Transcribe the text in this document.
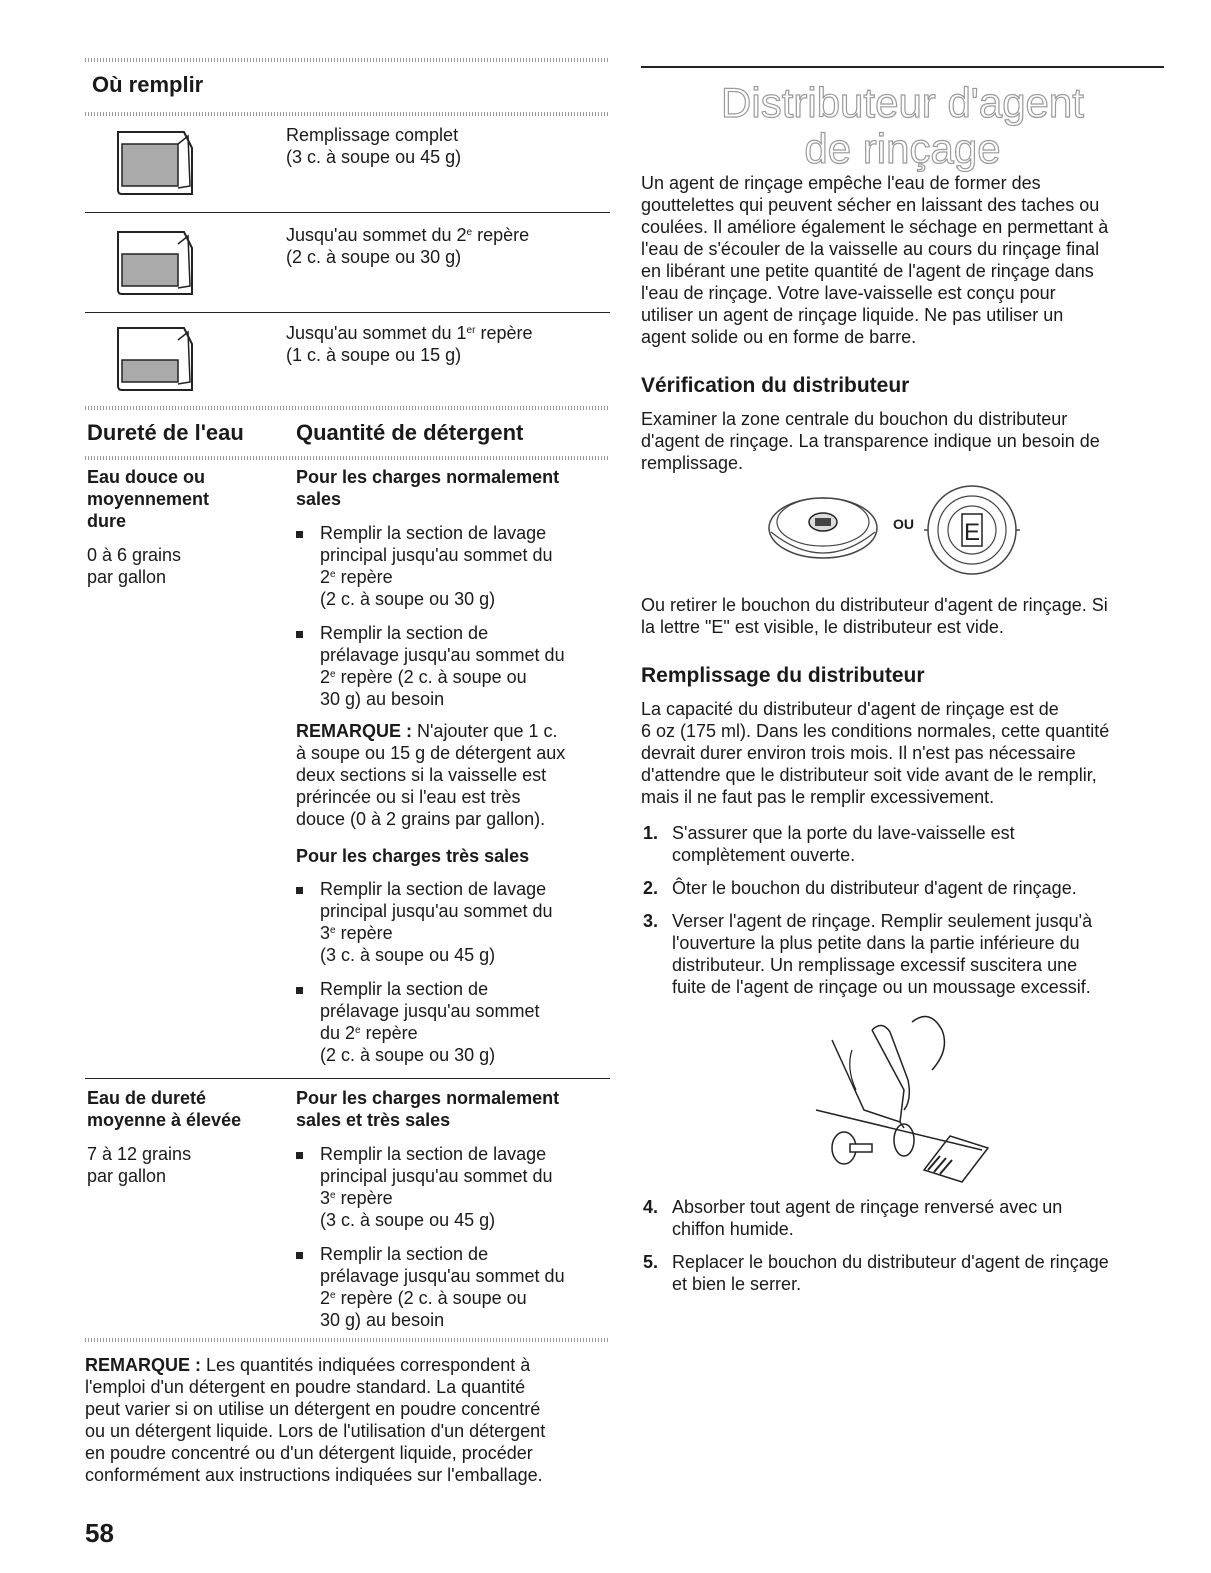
Où remplir
Remplissage complet
(3 c. à soupe ou 45 g)
Jusqu'au sommet du 2e repère
(2 c. à soupe ou 30 g)
Jusqu'au sommet du 1er repère
(1 c. à soupe ou 15 g)
Dureté de l'eau Quantité de détergent
Eau douce ou
moyennement
dure
0 à 6 grains
par gallon
Pour les charges normalement
sales
Remplir la section de lavage
principal jusqu'au sommet du
2e repère
(2 c. à soupe ou 30 g)
Remplir la section de
prélavage jusqu'au sommet du
2e repère (2 c. à soupe ou
30 g) au besoin
REMARQUE : N'ajouter que 1 c.
à soupe ou 15 g de détergent aux
deux sections si la vaisselle est
prérincée ou si l'eau est très
douce (0 à 2 grains par gallon).
Pour les charges très sales
Remplir la section de lavage
principal jusqu'au sommet du
3e repère
(3 c. à soupe ou 45 g)
Remplir la section de
prélavage jusqu'au sommet
du 2e repère
(2 c. à soupe ou 30 g)
Eau de dureté
moyenne à élevée
7 à 12 grains
par gallon
Pour les charges normalement
sales et très sales
Remplir la section de lavage
principal jusqu'au sommet du
3e repère
(3 c. à soupe ou 45 g)
Remplir la section de
prélavage jusqu'au sommet du
2e repère (2 c. à soupe ou
30 g) au besoin
REMARQUE : Les quantités indiquées correspondent à
l'emploi d'un détergent en poudre standard. La quantité
peut varier si on utilise un détergent en poudre concentré
ou un détergent liquide. Lors de l'utilisation d'un détergent
en poudre concentré ou d'un détergent liquide, procéder
conformément aux instructions indiquées sur l'emballage.
58
Distributeur d'agent
de rinçage
Un agent de rinçage empêche l'eau de former des
gouttelettes qui peuvent sécher en laissant des taches ou
coulées. Il améliore également le séchage en permettant à
l'eau de s'écouler de la vaisselle au cours du rinçage final
en libérant une petite quantité de l'agent de rinçage dans
l'eau de rinçage. Votre lave-vaisselle est conçu pour
utiliser un agent de rinçage liquide. Ne pas utiliser un
agent solide ou en forme de barre.
Vérification du distributeur
Examiner la zone centrale du bouchon du distributeur
d'agent de rinçage. La transparence indique un besoin de
remplissage.
OU E
Ou retirer le bouchon du distributeur d'agent de rinçage. Si
la lettre "E" est visible, le distributeur est vide.
Remplissage du distributeur
La capacité du distributeur d'agent de rinçage est de
6 oz (175 ml). Dans les conditions normales, cette quantité
devrait durer environ trois mois. Il n'est pas nécessaire
d'attendre que le distributeur soit vide avant de le remplir,
mais il ne faut pas le remplir excessivement.
1. S'assurer que la porte du lave-vaisselle est
complètement ouverte.
2. Ôter le bouchon du distributeur d'agent de rinçage.
3. Verser l'agent de rinçage. Remplir seulement jusqu'à
l'ouverture la plus petite dans la partie inférieure du
distributeur. Un remplissage excessif suscitera une
fuite de l'agent de rinçage ou un moussage excessif.
4. Absorber tout agent de rinçage renversé avec un
chiffon humide.
5. Replacer le bouchon du distributeur d'agent de rinçage
et bien le serrer.
